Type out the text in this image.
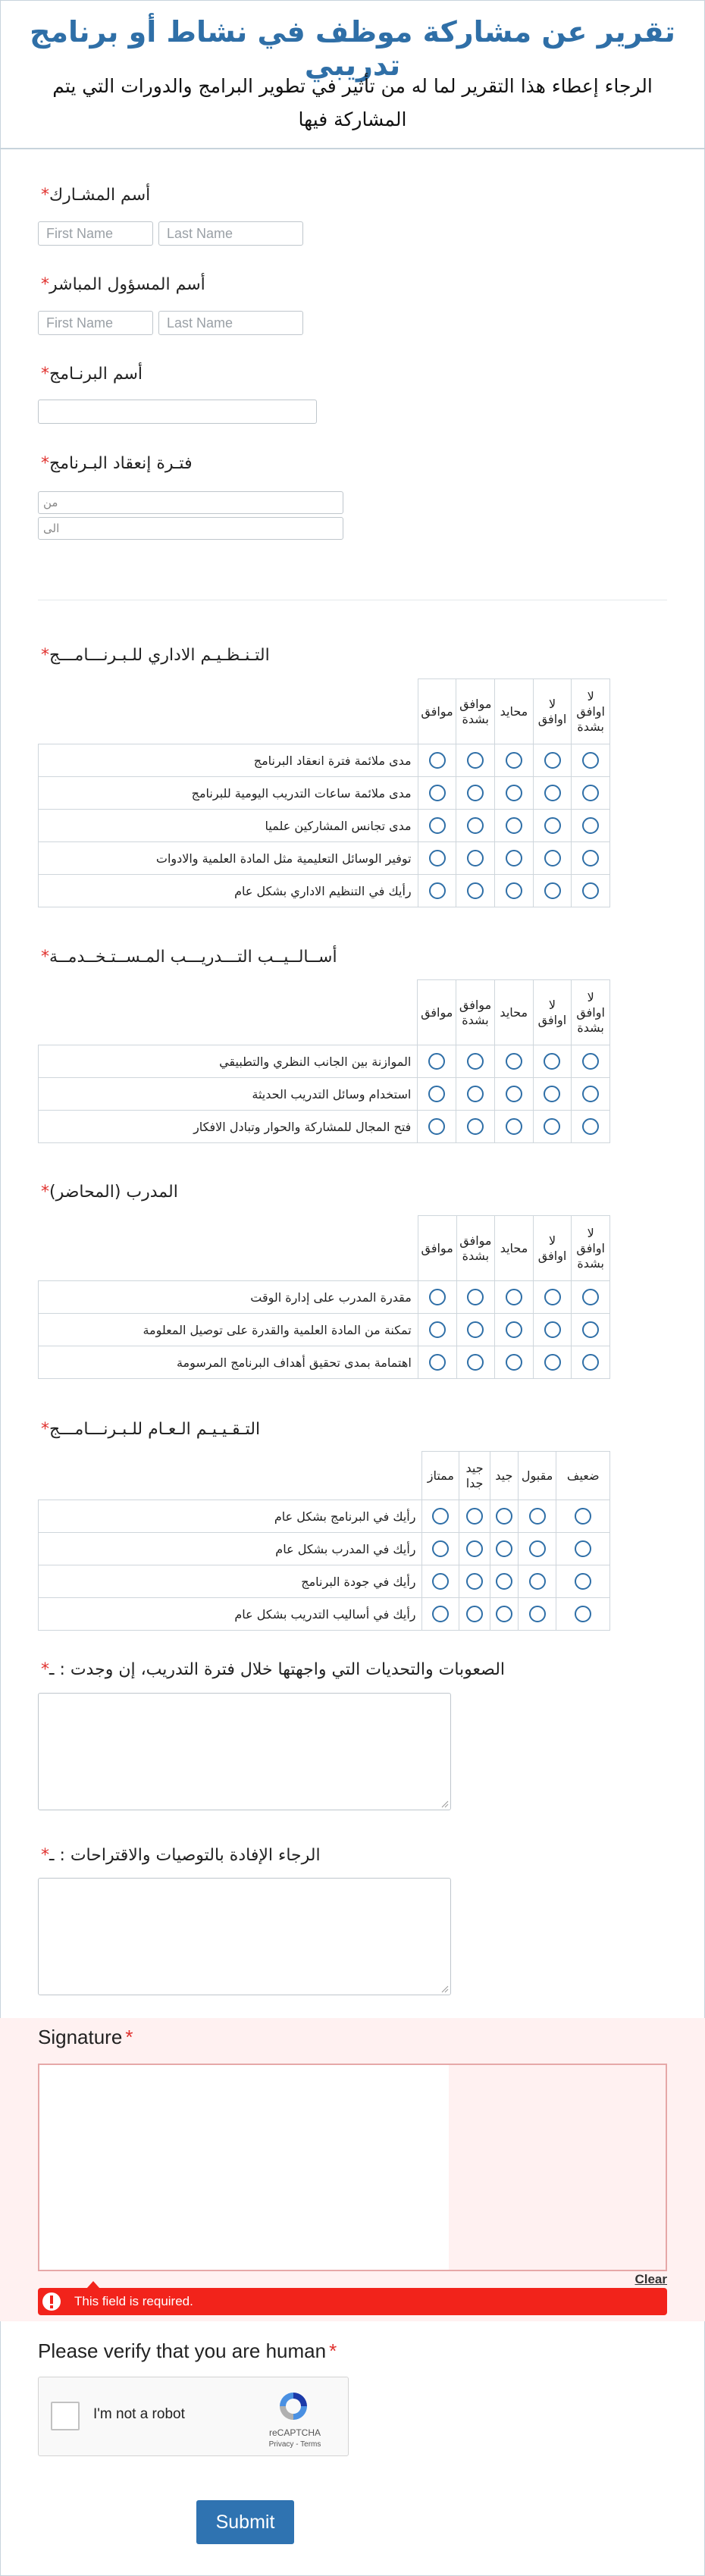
تقرير عن مشاركة موظف في نشاط أو برنامج تدريبي
الرجاء إعطاء هذا التقرير لما له من تأثير في تطوير البرامج والدورات التي يتم المشاركة فيها
*أسم المشـارك
First Name	Last Name
*أسم المسؤول المباشر
First Name	Last Name
*أسم البرنـامج
*فتـرة إنعقاد البـرنامج
من
الى
*التـنـظـيـم الاداري للـبـرنـــامـــج
	موافق	موافق بشدة	محايد	لا اوافق	لا اوافق بشدة
مدى ملائمة فترة انعقاد البرنامج					
مدى ملائمة ساعات التدريب اليومية للبرنامج					
مدى تجانس المشاركين علميا					
توفير الوسائل التعليمية مثل المادة العلمية والادوات					
رأيك في التنظيم الاداري بشكل عام					
*أســالــيــب التـــدريـــب المـســتـخــدمــة
	موافق	موافق بشدة	محايد	لا اوافق	لا اوافق بشدة
الموازنة بين الجانب النظري والتطبيقي					
استخدام وسائل التدريب الحديثة					
فتح المجال للمشاركة والحوار وتبادل الافكار					
*المدرب (المحاضر)
	موافق	موافق بشدة	محايد	لا اوافق	لا اوافق بشدة
مقدرة المدرب على إدارة الوقت					
تمكنة من المادة العلمية والقدرة على توصيل المعلومة					
اهتمامة بمدى تحقيق أهداف البرنامج المرسومة					
*التـقـيـيـم الـعـام للـبـرنـــامـــج
	ممتاز	جيد جدا	جيد	مقبول	ضعيف
رأيك في البرنامج بشكل عام					
رأيك في المدرب بشكل عام					
رأيك في جودة البرنامج					
رأيك في أساليب التدريب بشكل عام					
*الصعوبات والتحديات التي واجهتها خلال فترة التدريب، إن وجدت : ـ
*الرجاء الإفادة بالتوصيات والاقتراحات : ـ
Signature *
Clear
This field is required.
Please verify that you are human *
I'm not a robot
reCAPTCHA
Privacy - Terms
Submit
